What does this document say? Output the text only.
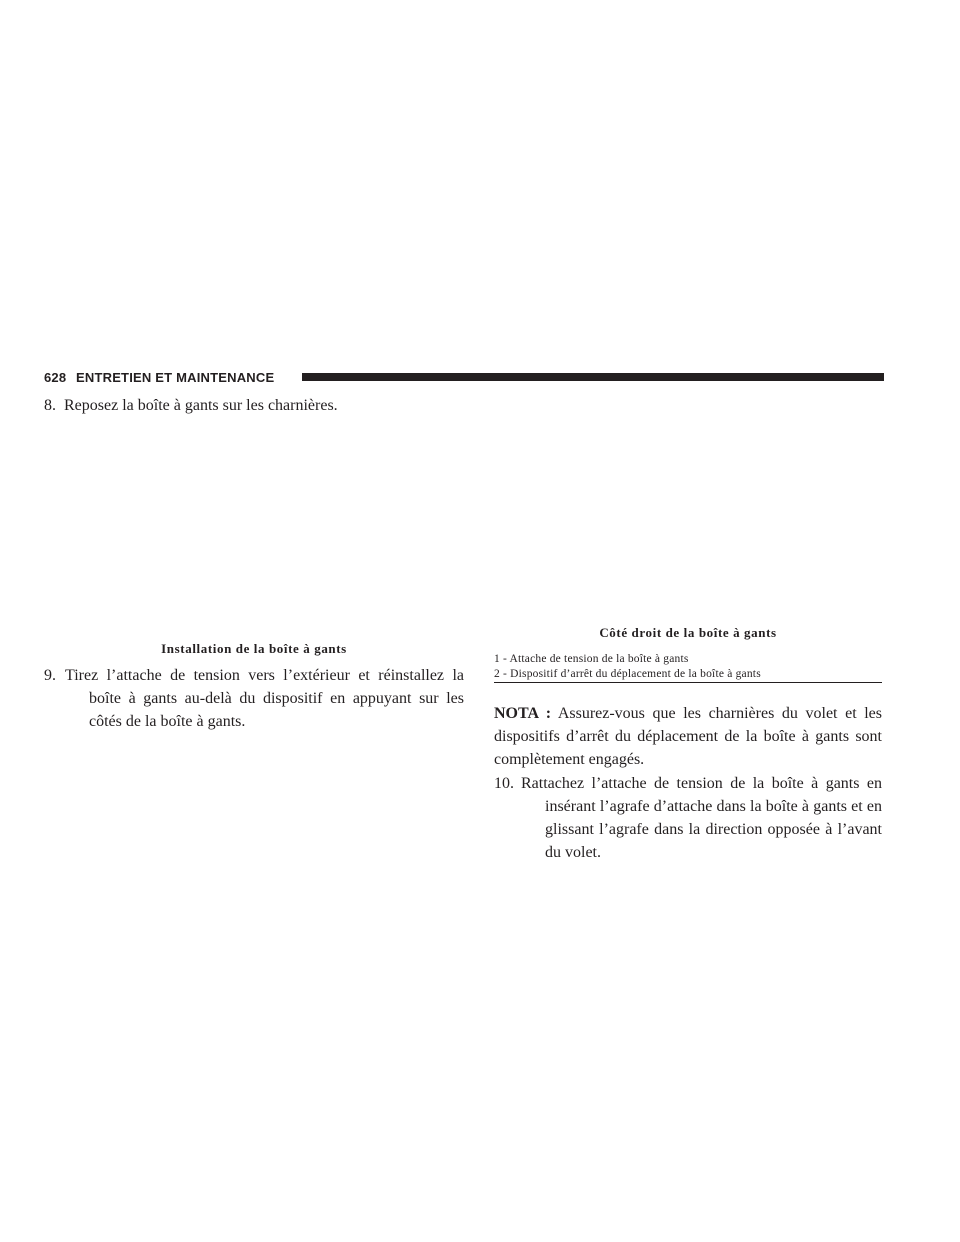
628 ENTRETIEN ET MAINTENANCE
8. Reposez la boîte à gants sur les charnières.
Installation de la boîte à gants
9. Tirez l’attache de tension vers l’extérieur et réinstallez la boîte à gants au-delà du dispositif en appuyant sur les côtés de la boîte à gants.
Côté droit de la boîte à gants
1 - Attache de tension de la boîte à gants
2 - Dispositif d’arrêt du déplacement de la boîte à gants
NOTA : Assurez-vous que les charnières du volet et les dispositifs d’arrêt du déplacement de la boîte à gants sont complètement engagés.
10. Rattachez l’attache de tension de la boîte à gants en insérant l’agrafe d’attache dans la boîte à gants et en glissant l’agrafe dans la direction opposée à l’avant du volet.
